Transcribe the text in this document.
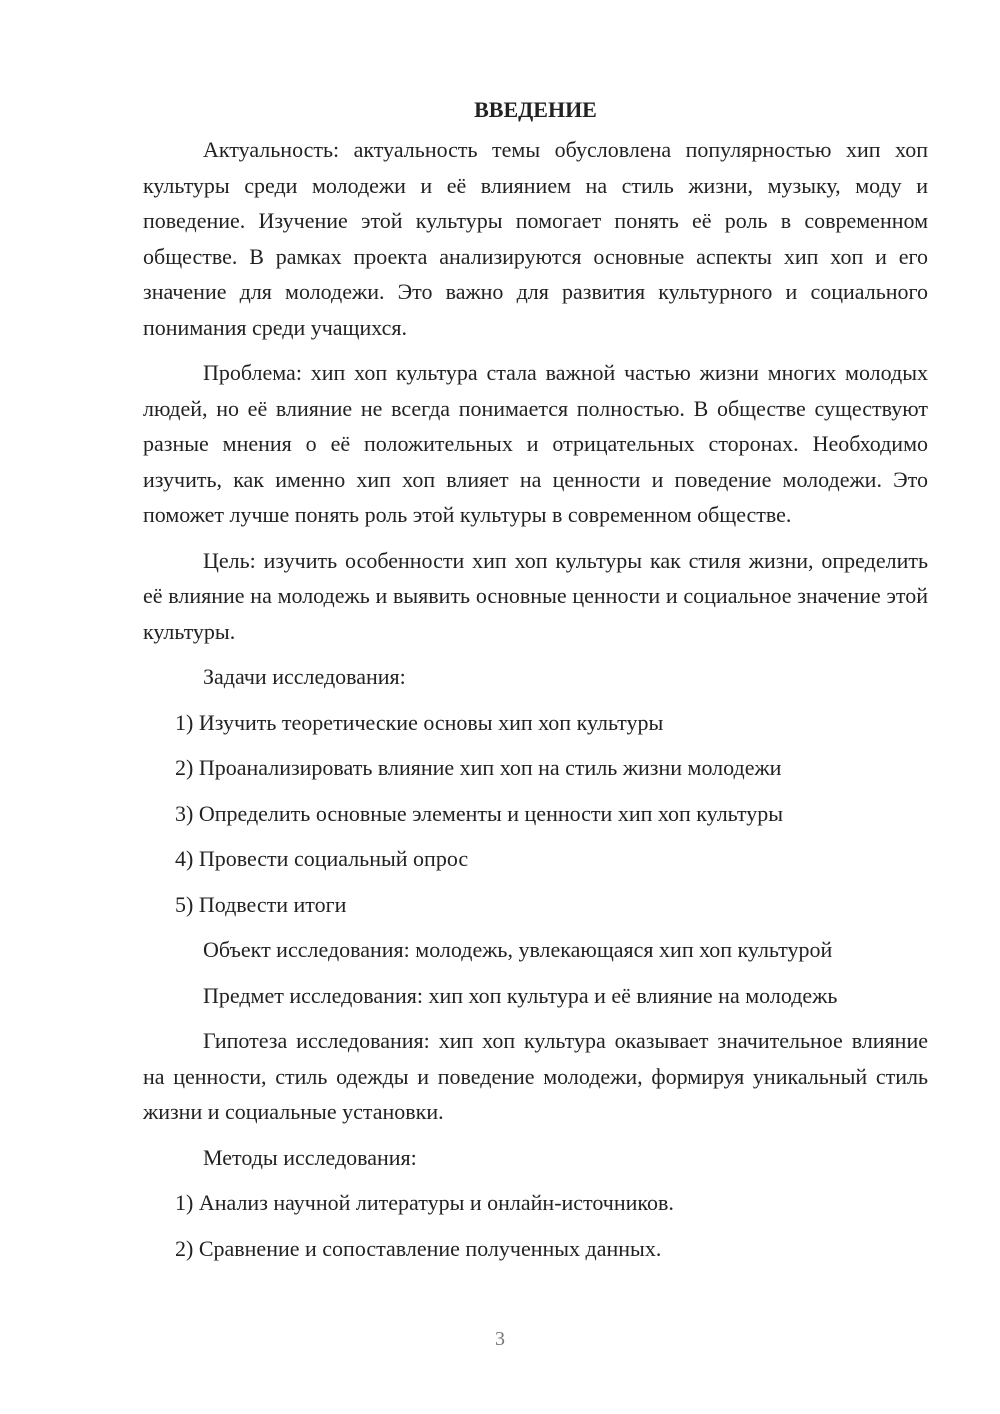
ВВЕДЕНИЕ

Актуальность: актуальность темы обусловлена популярностью хип хоп культуры среди молодежи и её влиянием на стиль жизни, музыку, моду и поведение. Изучение этой культуры помогает понять её роль в современном обществе. В рамках проекта анализируются основные аспекты хип хоп и его значение для молодежи. Это важно для развития культурного и социального понимания среди учащихся.

Проблема: хип хоп культура стала важной частью жизни многих молодых людей, но её влияние не всегда понимается полностью. В обществе существуют разные мнения о её положительных и отрицательных сторонах. Необходимо изучить, как именно хип хоп влияет на ценности и поведение молодежи. Это поможет лучше понять роль этой культуры в современном обществе.

Цель: изучить особенности хип хоп культуры как стиля жизни, определить её влияние на молодежь и выявить основные ценности и социальное значение этой культуры.

Задачи исследования:

1) Изучить теоретические основы хип хоп культуры

2) Проанализировать влияние хип хоп на стиль жизни молодежи

3) Определить основные элементы и ценности хип хоп культуры

4) Провести социальный опрос

5) Подвести итоги

Объект исследования: молодежь, увлекающаяся хип хоп культурой

Предмет исследования: хип хоп культура и её влияние на молодежь

Гипотеза исследования: хип хоп культура оказывает значительное влияние на ценности, стиль одежды и поведение молодежи, формируя уникальный стиль жизни и социальные установки.

Методы исследования:

1) Анализ научной литературы и онлайн-источников.

2) Сравнение и сопоставление полученных данных.

3
